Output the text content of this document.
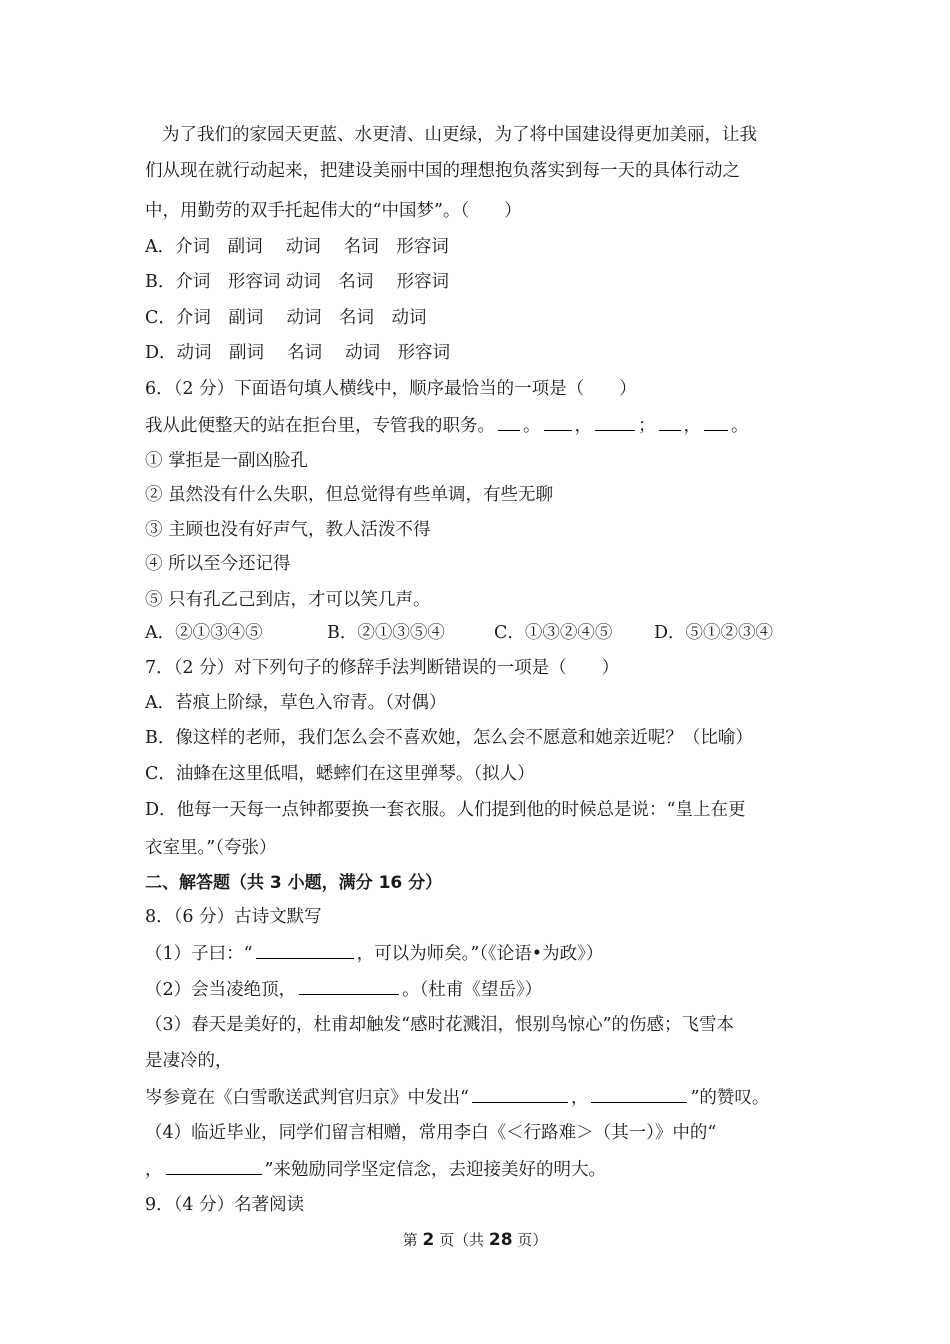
为了我们的家园天更蓝、水更清、山更绿，为了将中国建设得更加美丽，让我
们从现在就行动起来，把建设美丽中国的理想抱负落实到每一天的具体行动之
中，用勤劳的双手托起伟大的“中国梦”。（　　）
A．介词　副词　 动词　 名词　形容词
B．介词　形容词 动词　名词　 形容词
C．介词　副词　 动词　名词　动词
D．动词　副词　 名词　 动词　形容词
6．（2 分）下面语句填人横线中，顺序最恰当的一项是（　　）
我从此便整天的站在拒台里，专管我的职务。 。 ，	； ， 。
① 掌拒是一副凶脸孔
② 虽然没有什么失职，但总觉得有些单调，有些无聊
③ 主顾也没有好声气，教人活泼不得
④ 所以至今还记得
⑤ 只有孔乙己到店，才可以笑几声。
A．②①③④⑤	B．②①③⑤④	C．①③②④⑤ D．⑤①②③④
7．（2 分）对下列句子的修辞手法判断错误的一项是（　　）
A．苔痕上阶绿，草色入帘青。（对偶）
B．像这样的老师，我们怎么会不喜欢她，怎么会不愿意和她亲近呢？（比喻）
C．油蜂在这里低唱，蟋蟀们在这里弹琴。（拟人）
D．他每一天每一点钟都要换一套衣服。人们提到他的时候总是说：“皇上在更
衣室里。”（夸张）
二、解答题（共 3 小题，满分 16 分）
8．（6 分）古诗文默写
（1）子曰：“	，可以为师矣。”（《论语•为政》）
（2）会当凌绝顶，	。（杜甫《望岳》）
（3）春天是美好的，杜甫却触发“感时花溅泪，恨别鸟惊心”的伤感；飞雪本
是凄冷的，
岑参竟在《白雪歌送武判官归京》中发出“	，	”的赞叹。
（4）临近毕业，同学们留言相赠，常用李白《＜行路难＞（其一）》中的“
，	”来勉励同学坚定信念，去迎接美好的明大。
9．（4 分）名著阅读
第 2 页（共 28 页）
